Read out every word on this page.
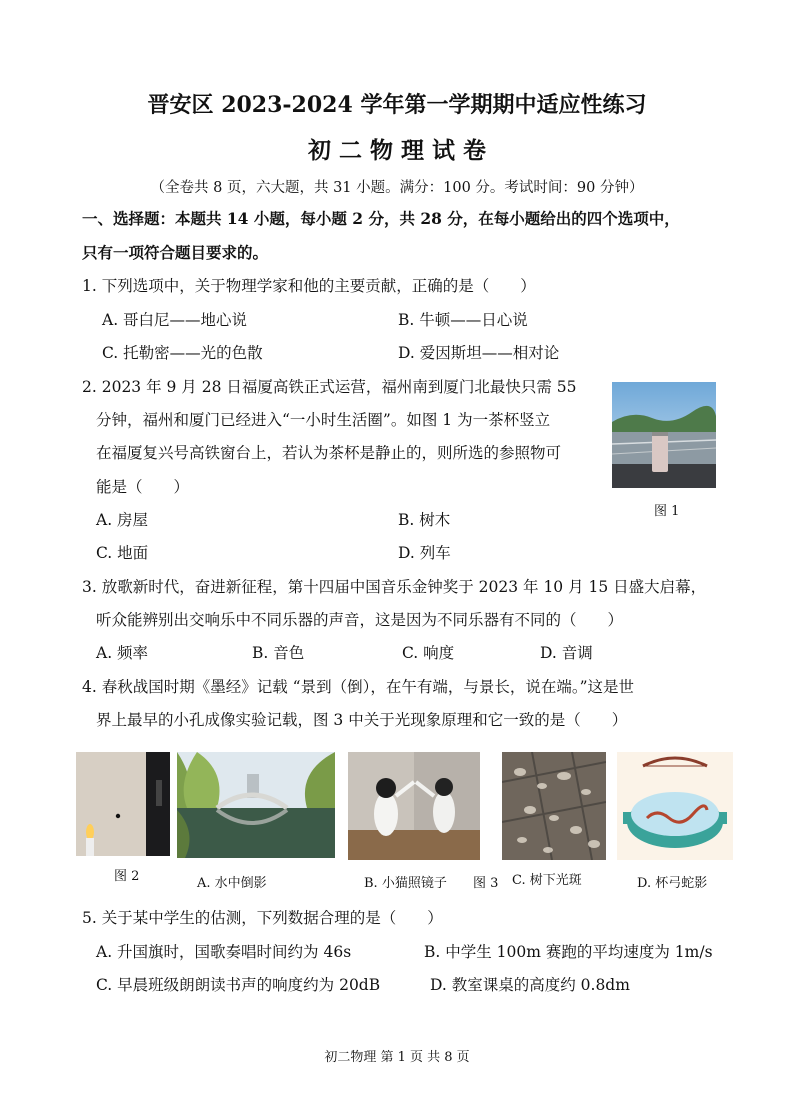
晋安区 2023-2024 学年第一学期期中适应性练习
初 二 物 理 试 卷
（全卷共 8 页，六大题，共 31 小题。满分：100 分。考试时间：90 分钟）
一、选择题：本题共 14 小题，每小题 2 分，共 28 分，在每小题给出的四个选项中，
只有一项符合题目要求的。
1. 下列选项中，关于物理学家和他的主要贡献，正确的是（　　）
A. 哥白尼——地心说	B. 牛顿——日心说
C. 托勒密——光的色散	D. 爱因斯坦——相对论
2. 2023 年 9 月 28 日福厦高铁正式运营，福州南到厦门北最快只需 55
分钟，福州和厦门已经进入“一小时生活圈”。如图 1 为一茶杯竖立
在福厦复兴号高铁窗台上，若认为茶杯是静止的，则所选的参照物可
能是（　　）
A. 房屋	B. 树木
C. 地面	D. 列车
图 1
3. 放歌新时代，奋进新征程，第十四届中国音乐金钟奖于 2023 年 10 月 15 日盛大启幕，
听众能辨别出交响乐中不同乐器的声音，这是因为不同乐器有不同的（　　）
A. 频率	B. 音色	C. 响度	D. 音调
4. 春秋战国时期《墨经》记载 “景到（倒），在午有端，与景长，说在端。”这是世
界上最早的小孔成像实验记载，图 3 中关于光现象原理和它一致的是（　　）
图 2	A. 水中倒影	B. 小猫照镜子 图 3 C. 树下光斑	D. 杯弓蛇影
5. 关于某中学生的估测，下列数据合理的是（　　）
A. 升国旗时，国歌奏唱时间约为 46s	B. 中学生 100m 赛跑的平均速度为 1m/s
C. 早晨班级朗朗读书声的响度约为 20dB	D. 教室课桌的高度约 0.8dm
初二物理 第 1 页 共 8 页
